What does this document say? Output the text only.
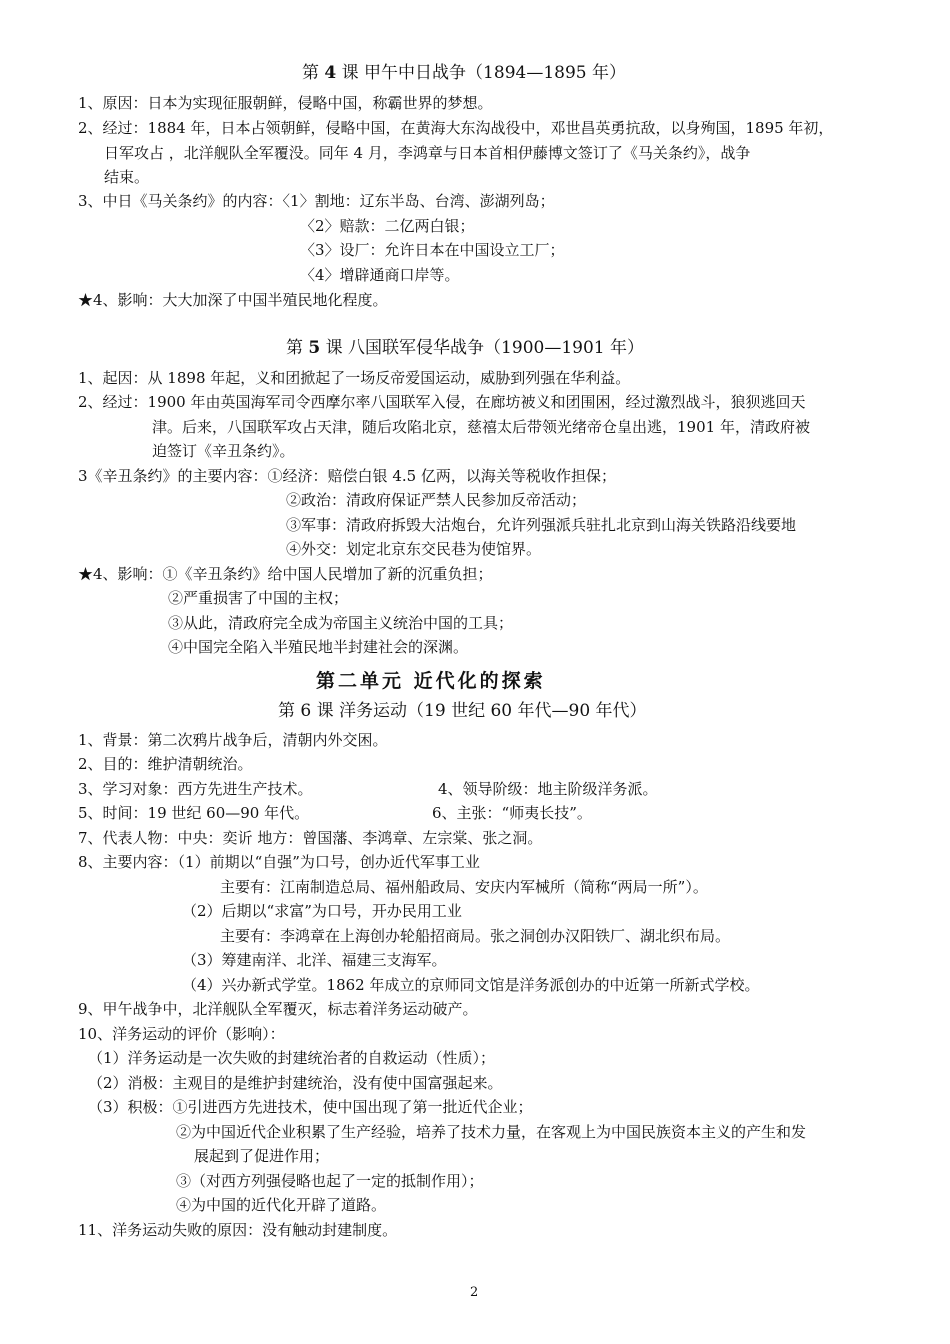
第 4 课 甲午中日战争（1894—1895 年）
1、原因：日本为实现征服朝鲜，侵略中国，称霸世界的梦想。
2、经过：1884 年，日本占领朝鲜，侵略中国，在黄海大东沟战役中，邓世昌英勇抗敌，以身殉国，1895 年初，
日军攻占 ，北洋舰队全军覆没。同年 4 月，李鸿章与日本首相伊藤博文签订了《马关条约》，战争
结束。
3、中日《马关条约》的内容：〈1〉割地：辽东半岛、台湾、澎湖列岛；
〈2〉赔款：二亿两白银；
〈3〉设厂：允许日本在中国设立工厂；
〈4〉增辟通商口岸等。
★4、影响：大大加深了中国半殖民地化程度。
第 5 课 八国联军侵华战争（1900—1901 年）
1、起因：从 1898 年起，义和团掀起了一场反帝爱国运动，威胁到列强在华利益。
2、经过：1900 年由英国海军司令西摩尔率八国联军入侵，在廊坊被义和团围困，经过激烈战斗，狼狈逃回天
津。后来，八国联军攻占天津，随后攻陷北京，慈禧太后带领光绪帝仓皇出逃，1901 年，清政府被
迫签订《辛丑条约》。
3《辛丑条约》的主要内容：①经济：赔偿白银 4.5 亿两，以海关等税收作担保；
②政治：清政府保证严禁人民参加反帝活动；
③军事：清政府拆毁大沽炮台，允许列强派兵驻扎北京到山海关铁路沿线要地
④外交：划定北京东交民巷为使馆界。
★4、影响：①《辛丑条约》给中国人民增加了新的沉重负担；
②严重损害了中国的主权；
③从此，清政府完全成为帝国主义统治中国的工具；
④中国完全陷入半殖民地半封建社会的深渊。
第二单元 近代化的探索
第 6 课 洋务运动（19 世纪 60 年代—90 年代）
1、背景：第二次鸦片战争后，清朝内外交困。
2、目的：维护清朝统治。
3、学习对象：西方先进生产技术。	4、领导阶级：地主阶级洋务派。
5、时间：19 世纪 60—90 年代。	6、主张：“师夷长技”。
7、代表人物：中央：奕䜣 地方：曾国藩、李鸿章、左宗棠、张之洞。
8、主要内容：（1）前期以“自强”为口号，创办近代军事工业
主要有：江南制造总局、福州船政局、安庆内军械所（简称“两局一所”）。
（2）后期以“求富”为口号，开办民用工业
主要有：李鸿章在上海创办轮船招商局。张之洞创办汉阳铁厂、湖北织布局。
（3）筹建南洋、北洋、福建三支海军。
（4）兴办新式学堂。1862 年成立的京师同文馆是洋务派创办的中近第一所新式学校。
9、甲午战争中，北洋舰队全军覆灭，标志着洋务运动破产。
10、洋务运动的评价（影响）：
（1）洋务运动是一次失败的封建统治者的自救运动（性质）；
（2）消极：主观目的是维护封建统治，没有使中国富强起来。
（3）积极：①引进西方先进技术，使中国出现了第一批近代企业；
②为中国近代企业积累了生产经验，培养了技术力量，在客观上为中国民族资本主义的产生和发
展起到了促进作用；
③（对西方列强侵略也起了一定的抵制作用）；
④为中国的近代化开辟了道路。
11、洋务运动失败的原因：没有触动封建制度。
2
